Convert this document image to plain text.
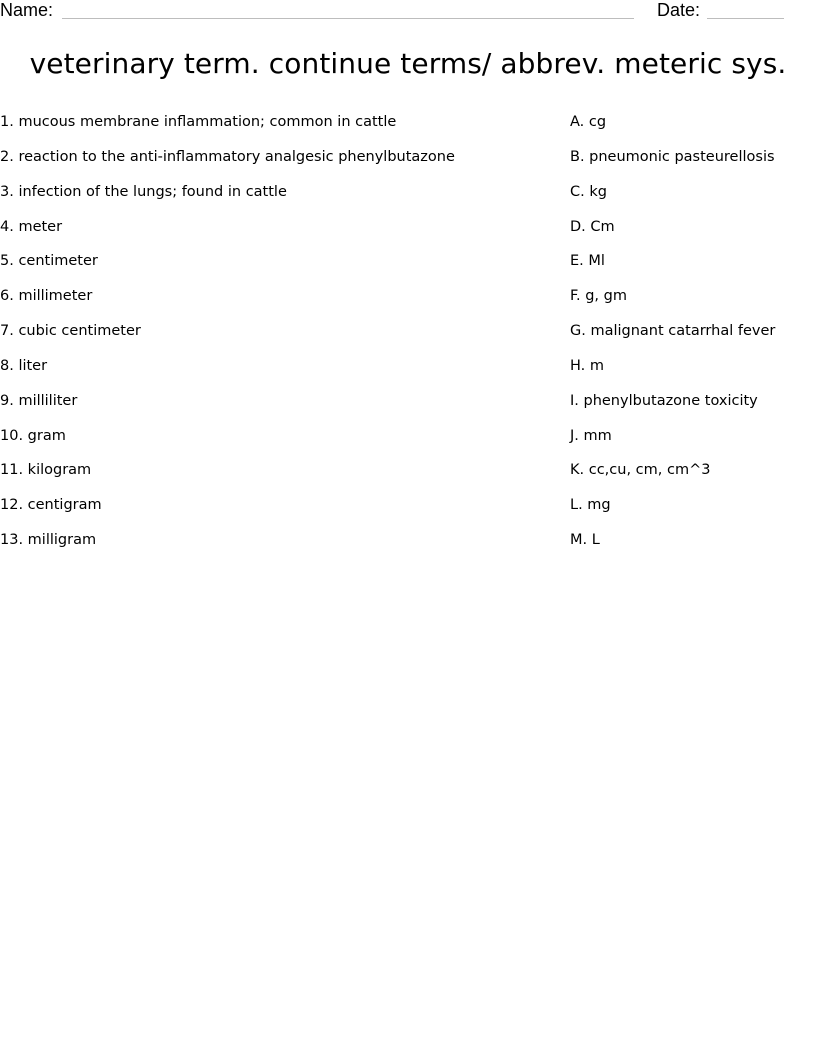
Name:	Date:
veterinary term. continue terms/ abbrev. meteric sys.
1. mucous membrane inflammation; common in cattle
2. reaction to the anti-inflammatory analgesic phenylbutazone
3. infection of the lungs; found in cattle
4. meter
5. centimeter
6. millimeter
7. cubic centimeter
8. liter
9. milliliter
10. gram
11. kilogram
12. centigram
13. milligram
A. cg
B. pneumonic pasteurellosis
C. kg
D. Cm
E. Ml
F. g, gm
G. malignant catarrhal fever
H. m
I. phenylbutazone toxicity
J. mm
K. cc,cu, cm, cm^3
L. mg
M. L
